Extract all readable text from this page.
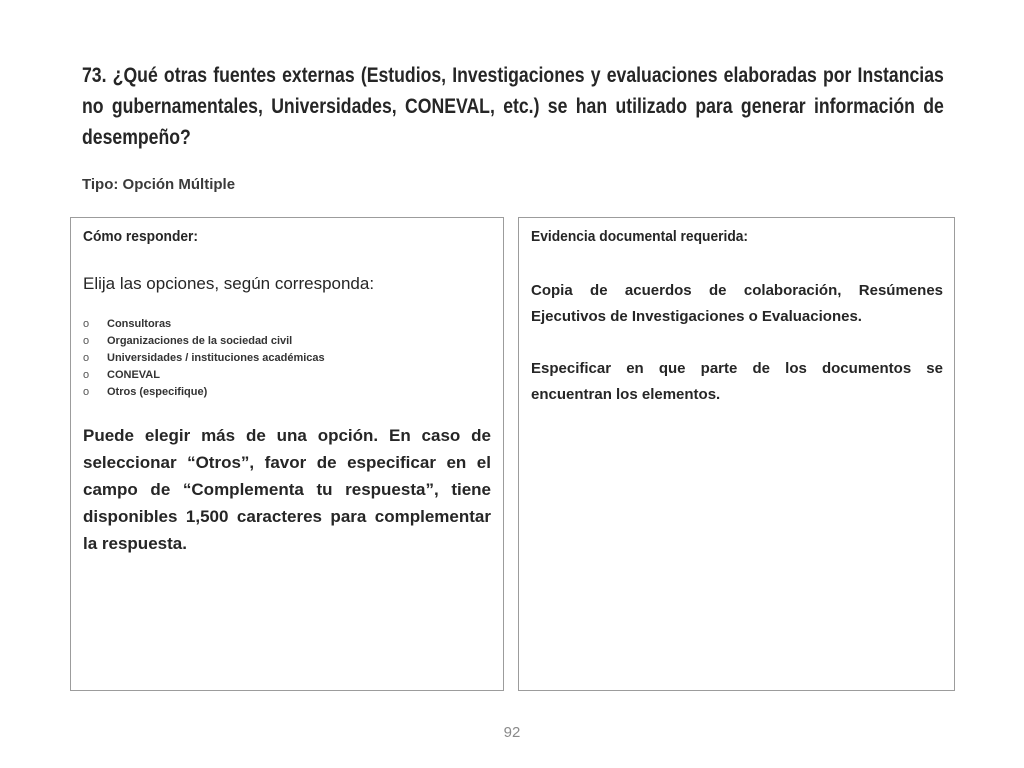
73. ¿Qué otras fuentes externas (Estudios, Investigaciones y evaluaciones elaboradas por Instancias no gubernamentales, Universidades, CONEVAL, etc.) se han utilizado para generar información de desempeño?
Tipo: Opción Múltiple
Cómo responder:

Elija las opciones, según corresponda:

o Consultoras
o Organizaciones de la sociedad civil
o Universidades / instituciones académicas
o CONEVAL
o Otros (especifique)

Puede elegir más de una opción. En caso de seleccionar “Otros”, favor de especificar en el campo de “Complementa tu respuesta”, tiene disponibles 1,500 caracteres para complementar la respuesta.

Evidencia documental requerida:

Copia de acuerdos de colaboración, Resúmenes Ejecutivos de Investigaciones o Evaluaciones.

Especificar en que parte de los documentos se encuentran los elementos.

92
